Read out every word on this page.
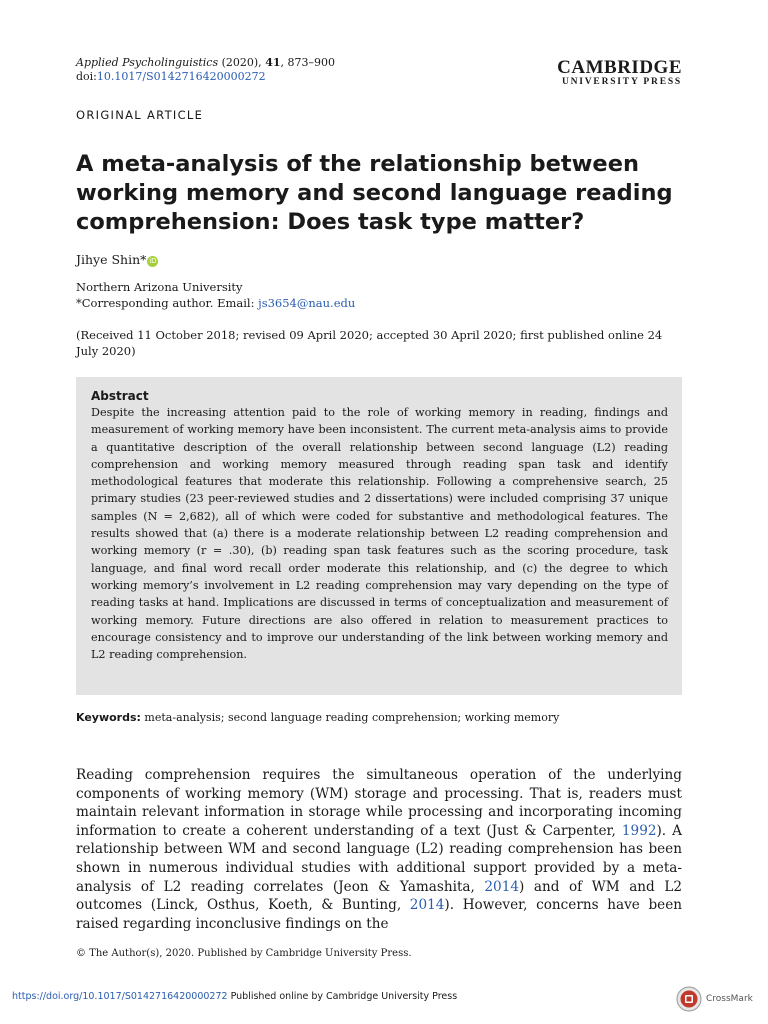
Applied Psycholinguistics (2020), 41, 873–900
doi:10.1017/S0142716420000272	CAMBRIDGE
UNIVERSITY PRESS
ORIGINAL ARTICLE
A meta-analysis of the relationship between working memory and second language reading comprehension: Does task type matter?
Jihye Shin* iD
Northern Arizona University
*Corresponding author. Email: js3654@nau.edu
(Received 11 October 2018; revised 09 April 2020; accepted 30 April 2020; first published online 24 July 2020)
Abstract

Despite the increasing attention paid to the role of working memory in reading, findings and measurement of working memory have been inconsistent. The current meta-analysis aims to provide a quantitative description of the overall relationship between second language (L2) reading comprehension and working memory measured through reading span task and identify methodological features that moderate this relationship. Following a comprehensive search, 25 primary studies (23 peer-reviewed studies and 2 dissertations) were included comprising 37 unique samples (N = 2,682), all of which were coded for substantive and methodological features. The results showed that (a) there is a moderate relationship between L2 reading comprehension and working memory (r = .30), (b) reading span task features such as the scoring procedure, task language, and final word recall order moderate this relationship, and (c) the degree to which working memory’s involvement in L2 reading comprehension may vary depending on the type of reading tasks at hand. Implications are discussed in terms of conceptualization and measurement of working memory. Future directions are also offered in relation to measurement practices to encourage consistency and to improve our understanding of the link between working memory and L2 reading comprehension.

Keywords: meta-analysis; second language reading comprehension; working memory

Reading comprehension requires the simultaneous operation of the underlying components of working memory (WM) storage and processing. That is, readers must maintain relevant information in storage while processing and incorporating incoming information to create a coherent understanding of a text (Just & Carpenter, 1992). A relationship between WM and second language (L2) reading comprehension has been shown in numerous individual studies with additional support provided by a meta-analysis of L2 reading correlates (Jeon & Yamashita, 2014) and of WM and L2 outcomes (Linck, Osthus, Koeth, & Bunting, 2014). However, concerns have been raised regarding inconclusive findings on the

© The Author(s), 2020. Published by Cambridge University Press.
https://doi.org/10.1017/S0142716420000272 Published online by Cambridge University Press	CrossMark
